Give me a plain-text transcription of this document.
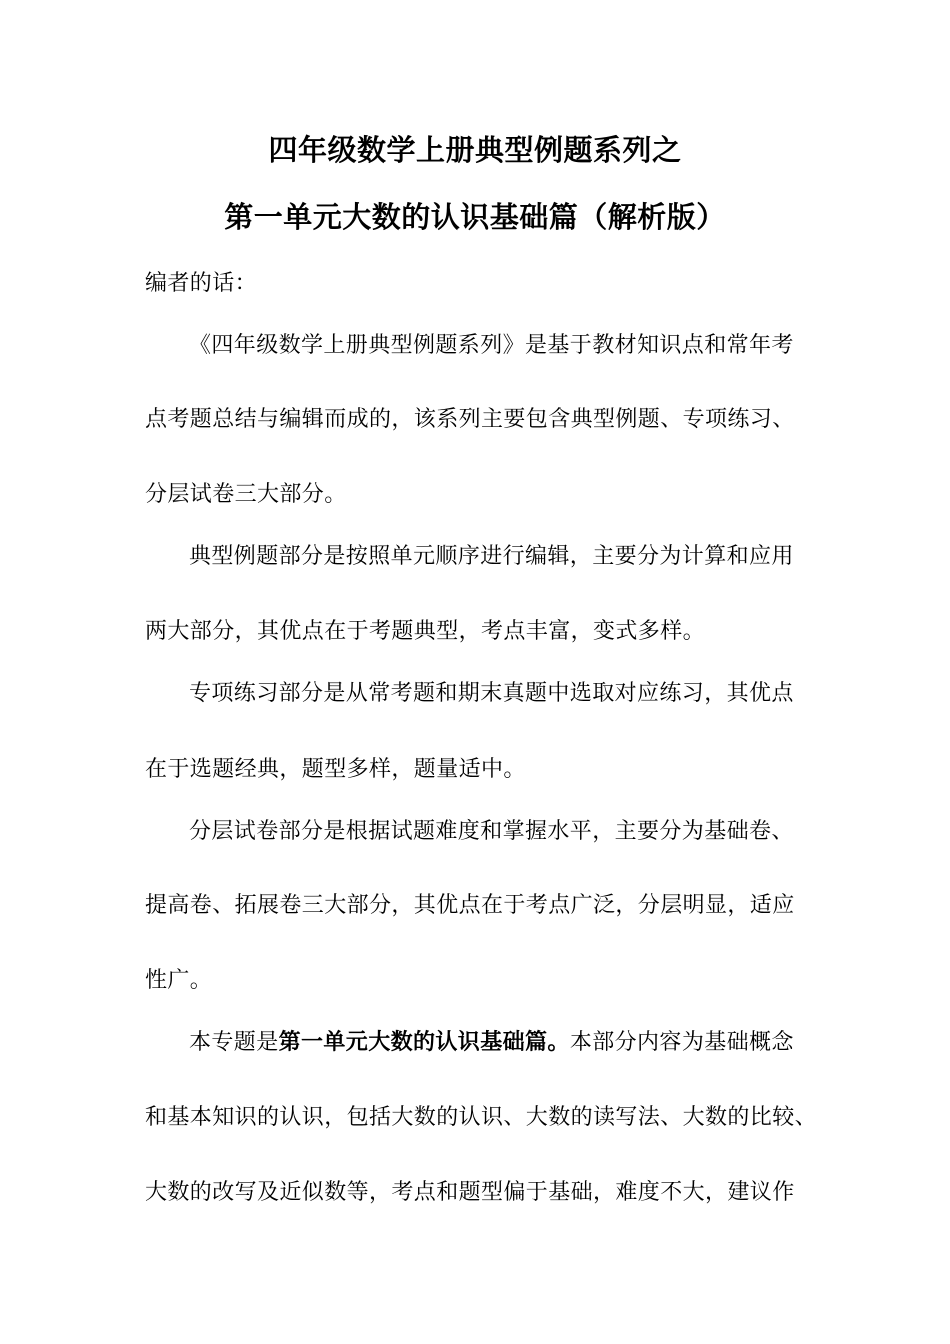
四年级数学上册典型例题系列之
第一单元大数的认识基础篇（解析版）
编者的话：
《四年级数学上册典型例题系列》是基于教材知识点和常年考
点考题总结与编辑而成的，该系列主要包含典型例题、专项练习、
分层试卷三大部分。
典型例题部分是按照单元顺序进行编辑，主要分为计算和应用
两大部分，其优点在于考题典型，考点丰富，变式多样。
专项练习部分是从常考题和期末真题中选取对应练习，其优点
在于选题经典，题型多样，题量适中。
分层试卷部分是根据试题难度和掌握水平，主要分为基础卷、
提高卷、拓展卷三大部分，其优点在于考点广泛，分层明显，适应
性广。
本专题是第一单元大数的认识基础篇。本部分内容为基础概念
和基本知识的认识，包括大数的认识、大数的读写法、大数的比较、
大数的改写及近似数等，考点和题型偏于基础，难度不大，建议作
